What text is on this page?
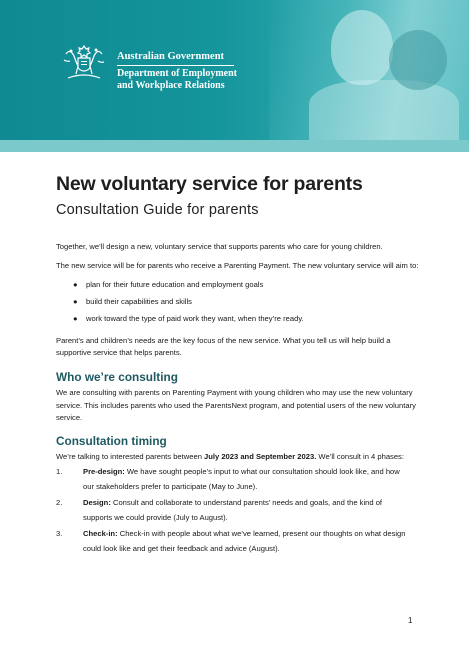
Australian Government
Department of Employment
and Workplace Relations
New voluntary service for parents
Consultation Guide for parents

Together, we’ll design a new, voluntary service that supports parents who care for young children.

The new service will be for parents who receive a Parenting Payment. The new voluntary service will aim to:

● plan for their future education and employment goals
● build their capabilities and skills
● work toward the type of paid work they want, when they’re ready.

Parent’s and children’s needs are the key focus of the new service. What you tell us will help build a supportive service that helps parents.

Who we’re consulting

We are consulting with parents on Parenting Payment with young children who may use the new voluntary service. This includes parents who used the ParentsNext program, and potential users of the new voluntary service.

Consultation timing

We’re talking to interested parents between July 2023 and September 2023. We’ll consult in 4 phases:

1.	Pre-design: We have sought people’s input to what our consultation should look like, and how
our stakeholders prefer to participate (May to June).
2.	Design: Consult and collaborate to understand parents’ needs and goals, and the kind of
supports we could provide (July to August).
3.	Check-in: Check-in with people about what we’ve learned, present our thoughts on what design
could look like and get their feedback and advice (August).
1
